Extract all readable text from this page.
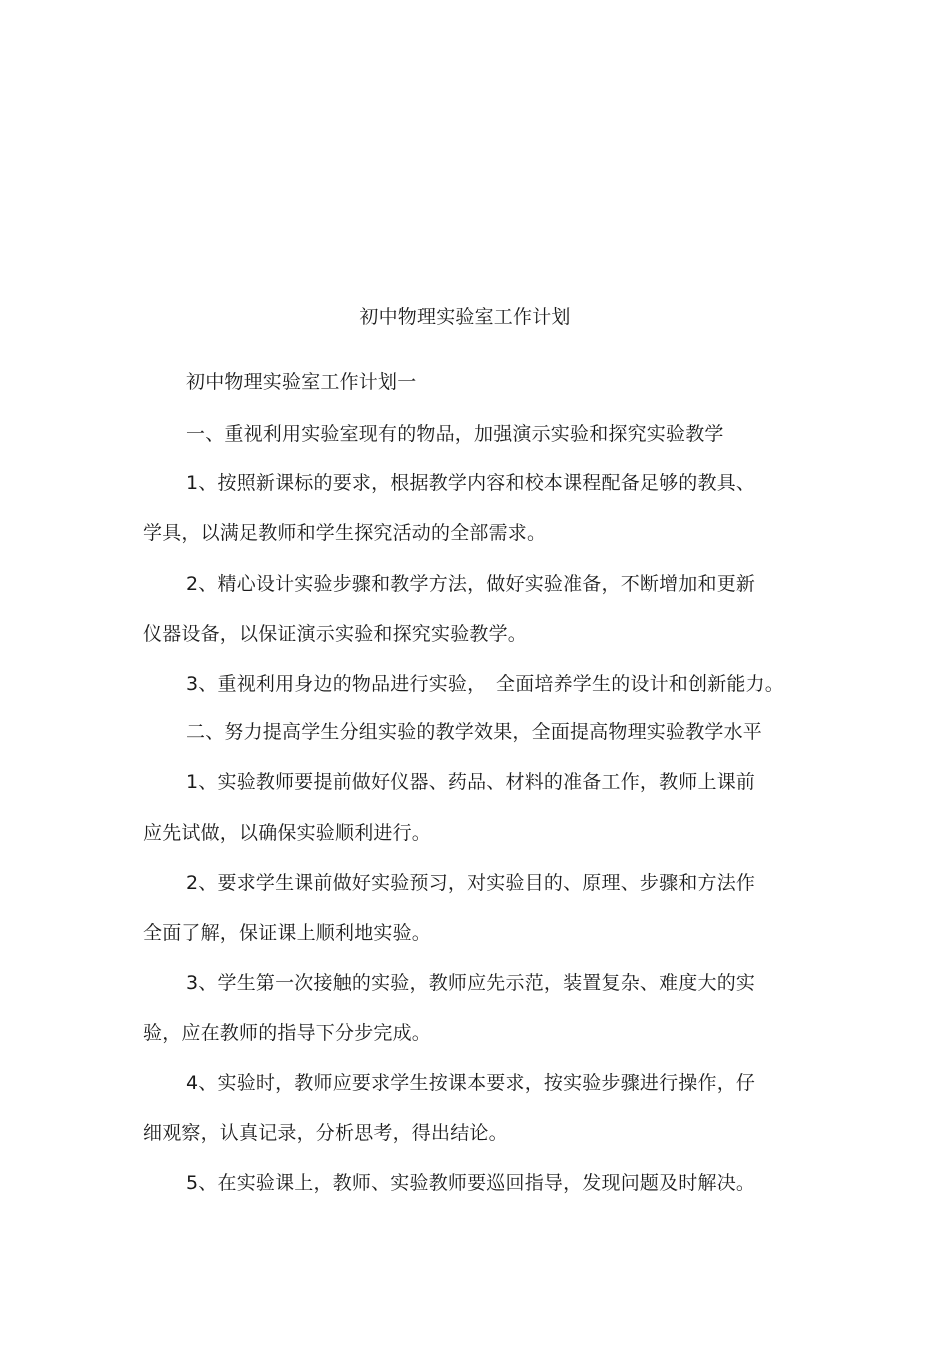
初中物理实验室工作计划
初中物理实验室工作计划一
一、重视利用实验室现有的物品，加强演示实验和探究实验教学
1、按照新课标的要求，根据教学内容和校本课程配备足够的教具、
学具，以满足教师和学生探究活动的全部需求。
2、精心设计实验步骤和教学方法，做好实验准备，不断增加和更新
仪器设备，以保证演示实验和探究实验教学。
3、重视利用身边的物品进行实验，　全面培养学生的设计和创新能力。
二、努力提高学生分组实验的教学效果，全面提高物理实验教学水平
1、实验教师要提前做好仪器、药品、材料的准备工作，教师上课前
应先试做，以确保实验顺利进行。
2、要求学生课前做好实验预习，对实验目的、原理、步骤和方法作
全面了解，保证课上顺利地实验。
3、学生第一次接触的实验，教师应先示范，装置复杂、难度大的实
验，应在教师的指导下分步完成。
4、实验时，教师应要求学生按课本要求，按实验步骤进行操作，仔
细观察，认真记录，分析思考，得出结论。
5、在实验课上，教师、实验教师要巡回指导，发现问题及时解决。
